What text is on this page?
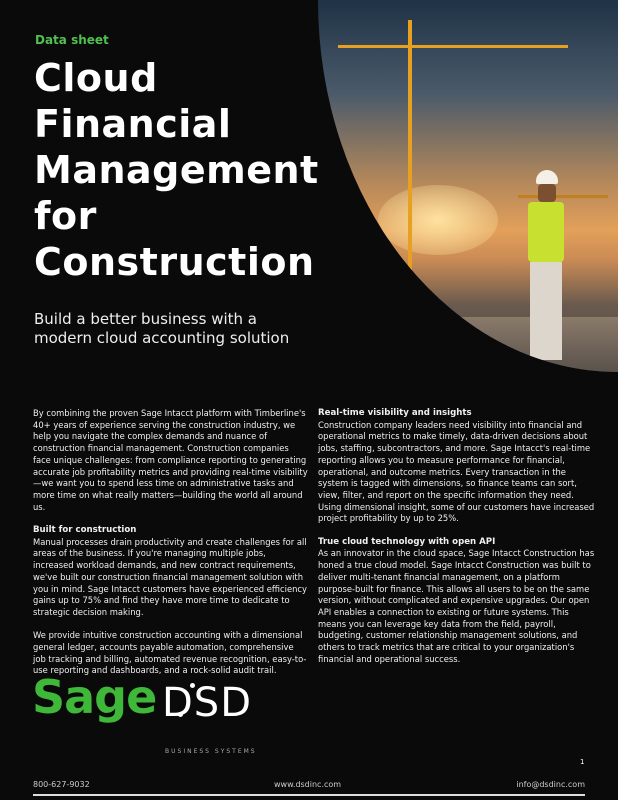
Data sheet
Cloud Financial Management for Construction
Build a better business with a modern cloud accounting solution

By combining the proven Sage Intacct platform with Timberline's 40+ years of experience serving the construction industry, we help you navigate the complex demands and nuance of construction financial management. Construction companies face unique challenges: from compliance reporting to generating accurate job profitability metrics and providing real-time visibility—we want you to spend less time on administrative tasks and more time on what really matters—building the world all around us.

Built for construction

Manual processes drain productivity and create challenges for all areas of the business. If you're managing multiple jobs, increased workload demands, and new contract requirements, we've built our construction financial management solution with you in mind. Sage Intacct customers have experienced efficiency gains up to 75% and find they have more time to dedicate to strategic decision making.

We provide intuitive construction accounting with a dimensional general ledger, accounts payable automation, comprehensive job tracking and billing, automated revenue recognition, easy-to-use reporting and dashboards, and a rock-solid audit trail.

Real-time visibility and insights

Construction company leaders need visibility into financial and operational metrics to make timely, data-driven decisions about jobs, staffing, subcontractors, and more. Sage Intacct's real-time reporting allows you to measure performance for financial, operational, and outcome metrics. Every transaction in the system is tagged with dimensions, so finance teams can sort, view, filter, and report on the specific information they need. Using dimensional insight, some of our customers have increased project profitability by up to 25%.

True cloud technology with open API

As an innovator in the cloud space, Sage Intacct Construction has honed a true cloud model. Sage Intacct Construction was built to deliver multi-tenant financial management, on a platform purpose-built for finance. This allows all users to be on the same version, without complicated and expensive upgrades. Our open API enables a connection to existing or future systems. This means you can leverage key data from the field, payroll, budgeting, customer relationship management solutions, and others to track metrics that are critical to your organization's financial and operational success.

Sage DSD
BUSINESS SYSTEMS
1
800-627-9032	www.dsdinc.com	info@dsdinc.com
